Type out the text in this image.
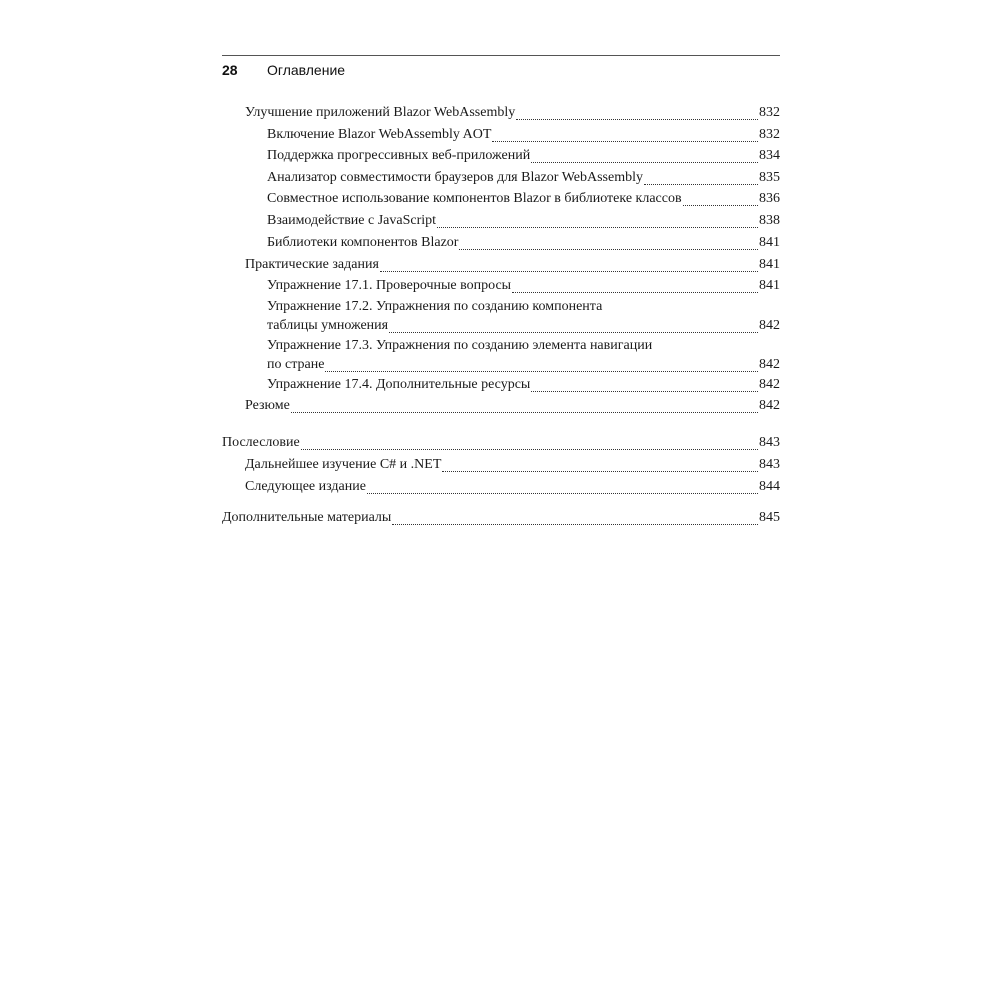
28 Оглавление
Улучшение приложений Blazor WebAssembly	832
Включение Blazor WebAssembly AOT	832
Поддержка прогрессивных веб-приложений	834
Анализатор совместимости браузеров для Blazor WebAssembly	835
Совместное использование компонентов Blazor в библиотеке классов	836
Взаимодействие с JavaScript	838
Библиотеки компонентов Blazor	841
Практические задания	841
Упражнение 17.1. Проверочные вопросы	841
Упражнение 17.2. Упражнения по созданию компонента
таблицы умножения	842
Упражнение 17.3. Упражнения по созданию элемента навигации
по стране	842
Упражнение 17.4. Дополнительные ресурсы	842
Резюме	842
Послесловие	843
Дальнейшее изучение C# и .NET	843
Следующее издание	844
Дополнительные материалы	845
